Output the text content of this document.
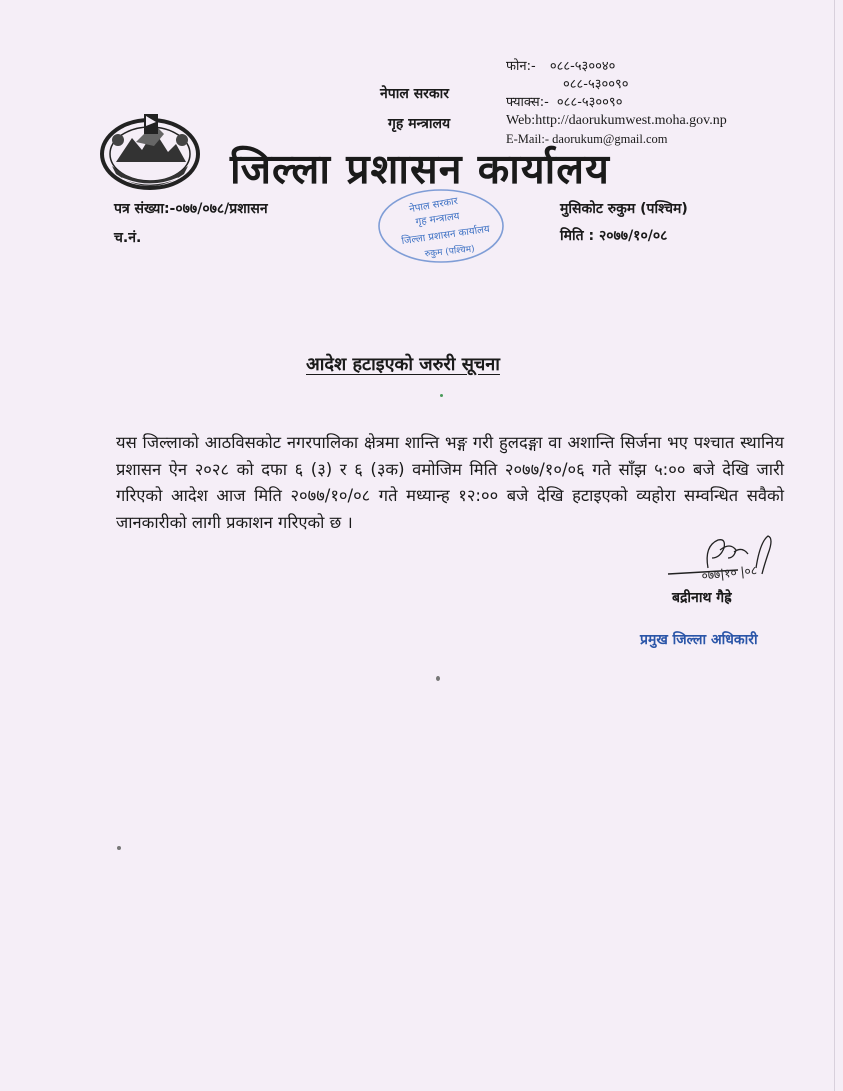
नेपाल सरकार
गृह मन्त्रालय
फोन:- ०८८-५३००४०
०८८-५३००९०
फ्याक्स:- ०८८-५३००९०
Web:http://daorukumwest.moha.gov.np
E-Mail:- daorukum@gmail.com
जिल्ला प्रशासन कार्यालय
पत्र संख्या:-०७७/०७८/प्रशासन
च.नं.
मुसिकोट रुकुम (पश्चिम)
मिति : २०७७/१०/०८
नेपाल सरकार
गृह मन्त्रालय
जिल्ला प्रशासन कार्यालय
रुकुम (पश्चिम)
आदेश हटाइएको जरुरी सूचना
यस जिल्लाको आठविसकोट नगरपालिका क्षेत्रमा शान्ति भङ्ग गरी हुलदङ्गा वा अशान्ति सिर्जना भए पश्चात स्थानिय प्रशासन ऐन २०२८ को दफा ६ (३) र ६ (३क) वमोजिम मिति २०७७/१०/०६ गते साँझ ५:०० बजे देखि जारी गरिएको आदेश आज मिति २०७७/१०/०८ गते मध्यान्ह १२:०० बजे देखि हटाइएको व्यहोरा सम्वन्धित सवैको जानकारीको लागी प्रकाशन गरिएको छ ।
०७७|१० |०८
बद्रीनाथ गैह्रे
प्रमुख जिल्ला अधिकारी
